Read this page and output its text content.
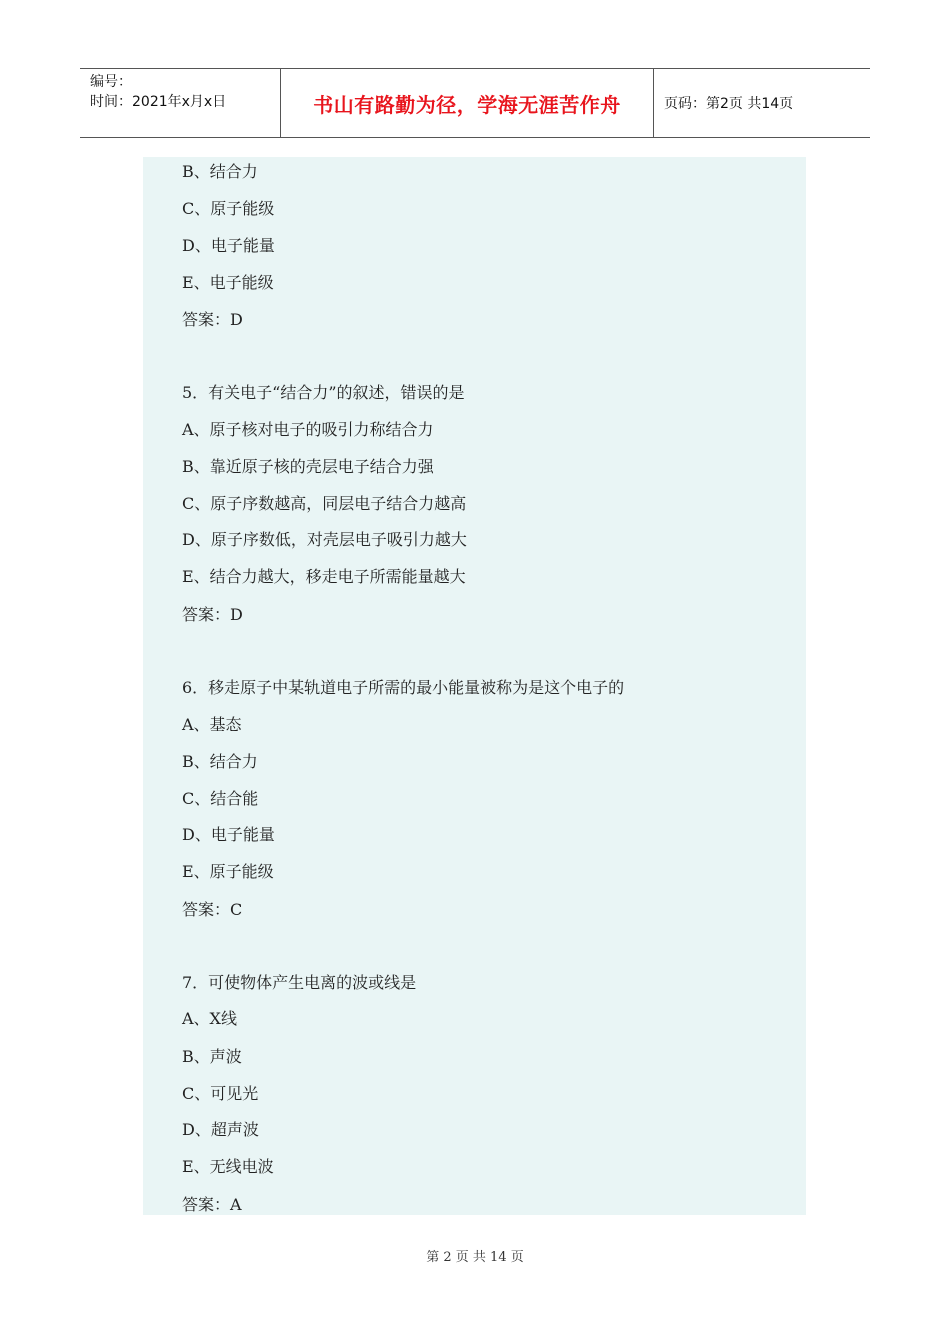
编号：
时间：2021年x月x日	书山有路勤为径，学海无涯苦作舟	页码：第2页 共14页
B、结合力
C、原子能级
D、电子能量
E、电子能级
答案：D
5．有关电子“结合力”的叙述，错误的是
A、原子核对电子的吸引力称结合力
B、靠近原子核的壳层电子结合力强
C、原子序数越高，同层电子结合力越高
D、原子序数低，对壳层电子吸引力越大
E、结合力越大，移走电子所需能量越大
答案：D
6．移走原子中某轨道电子所需的最小能量被称为是这个电子的
A、基态
B、结合力
C、结合能
D、电子能量
E、原子能级
答案：C
7．可使物体产生电离的波或线是
A、X线
B、声波
C、可见光
D、超声波
E、无线电波
答案：A
第 2 页 共 14 页
